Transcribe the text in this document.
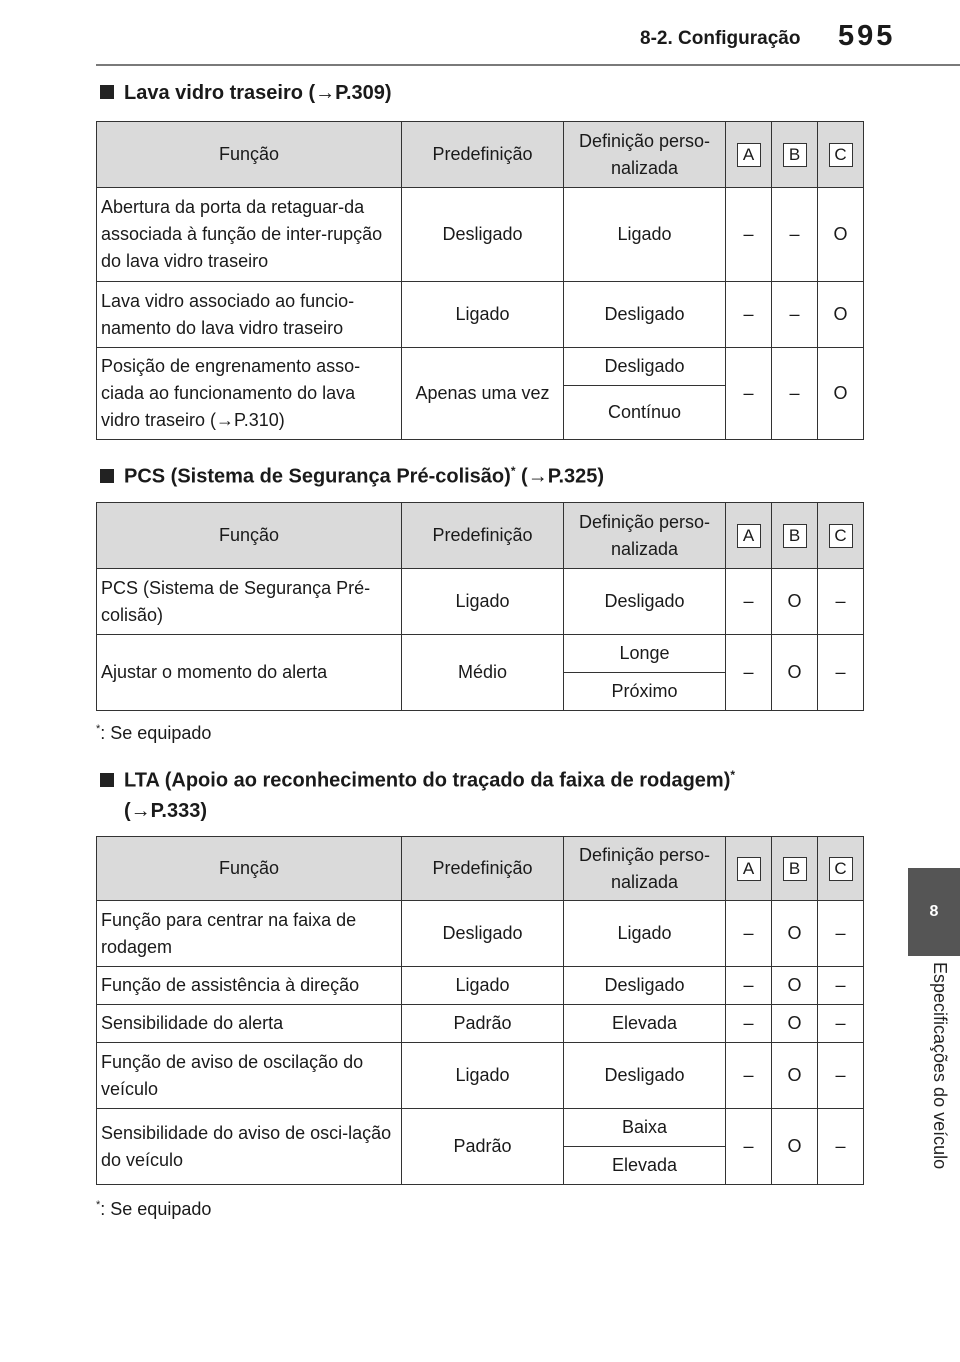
8-2. Configuração 595
8
Especificações do veículo
Lava vidro traseiro (→P.309)
Função	Predefinição	Definição perso-nalizada	A	B	C
Abertura da porta da retaguar-da associada à função de inter-rupção do lava vidro traseiro	Desligado	Ligado	–	–	O
Lava vidro associado ao funcio-namento do lava vidro traseiro	Ligado	Desligado	–	–	O
Posição de engrenamento asso-ciada ao funcionamento do lava vidro traseiro (→P.310)	Apenas uma vez	Desligado	–	–	O
		Contínuo			
PCS (Sistema de Segurança Pré-colisão)* (→P.325)
Função	Predefinição	Definição perso-nalizada	A	B	C
PCS (Sistema de Segurança Pré-colisão)	Ligado	Desligado	–	O	–
Ajustar o momento do alerta	Médio	Longe	–	O	–
		Próximo			
*: Se equipado
LTA (Apoio ao reconhecimento do traçado da faixa de rodagem)*
(→P.333)
Função	Predefinição	Definição perso-nalizada	A	B	C
Função para centrar na faixa de rodagem	Desligado	Ligado	–	O	–
Função de assistência à direção	Ligado	Desligado	–	O	–
Sensibilidade do alerta	Padrão	Elevada	–	O	–
Função de aviso de oscilação do veículo	Ligado	Desligado	–	O	–
Sensibilidade do aviso de osci-lação do veículo	Padrão	Baixa	–	O	–
		Elevada			
*: Se equipado
